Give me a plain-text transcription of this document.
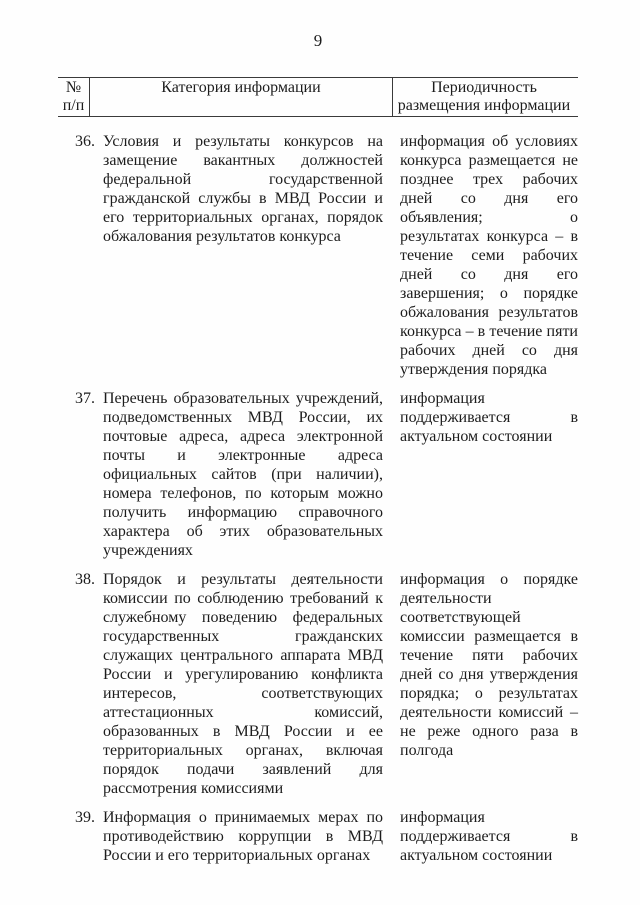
9
№ п/п
Категория информации	Периодичность размещения информации
36. Условия и результаты конкурсов на замещение вакантных должностей федеральной государственной гражданской службы в МВД России и его территориальных органах, порядок обжалования результатов конкурса
информация об условиях конкурса размещается не позднее трех рабочих дней со дня его объявления; о результатах конкурса – в течение семи рабочих дней со дня его завершения; о порядке обжалования результатов конкурса – в течение пяти рабочих дней со дня утверждения порядка
37. Перечень образовательных учреждений, подведомственных МВД России, их почтовые адреса, адреса электронной почты и электронные адреса официальных сайтов (при наличии), номера телефонов, по которым можно получить информацию справочного характера об этих образовательных учреждениях
информация поддерживается в актуальном состоянии
38. Порядок и результаты деятельности комиссии по соблюдению требований к служебному поведению федеральных государственных гражданских служащих центрального аппарата МВД России и урегулированию конфликта интересов, соответствующих аттестационных комиссий, образованных в МВД России и ее территориальных органах, включая порядок подачи заявлений для рассмотрения комиссиями
информация о порядке деятельности соответствующей комиссии размещается в течение пяти рабочих дней со дня утверждения порядка; о результатах деятельности комиссий – не реже одного раза в полгода
39. Информация о принимаемых мерах по противодействию коррупции в МВД России и его территориальных органах
информация поддерживается в актуальном состоянии
